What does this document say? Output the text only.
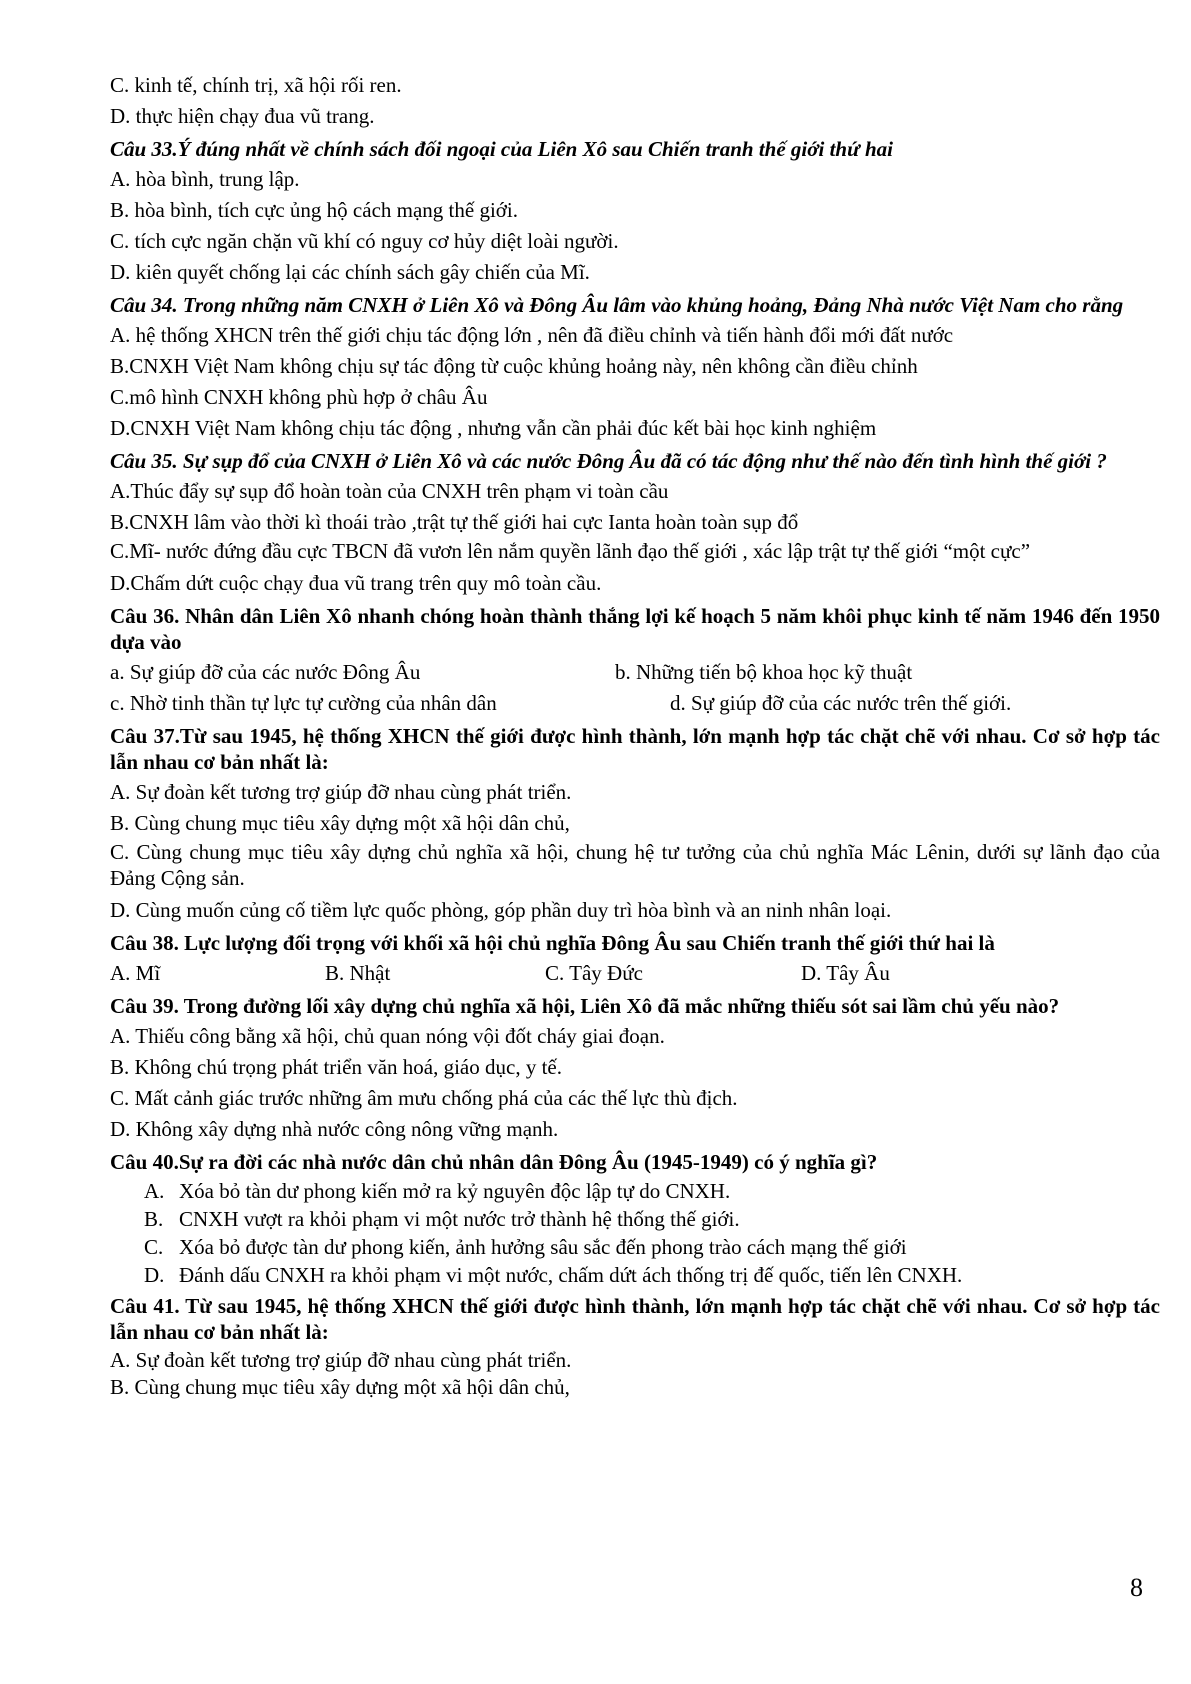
C. kinh tế, chính trị, xã hội rối ren.
D. thực hiện chạy đua vũ trang.
Câu 33.Ý đúng nhất về chính sách đối ngoại của Liên Xô sau Chiến tranh thế giới thứ hai
A. hòa bình, trung lập.
B. hòa bình, tích cực ủng hộ cách mạng thế giới.
C. tích cực ngăn chặn vũ khí có nguy cơ hủy diệt loài người.
D. kiên quyết chống lại các chính sách gây chiến của Mĩ.
Câu 34. Trong những năm CNXH ở Liên Xô và Đông Âu lâm vào khủng hoảng, Đảng Nhà nước Việt Nam cho rằng
A. hệ thống XHCN trên thế giới chịu tác động lớn , nên đã điều chỉnh và tiến hành đổi mới đất nước
B.CNXH Việt Nam không chịu sự tác động từ cuộc khủng hoảng này, nên không cần điều chỉnh
C.mô hình CNXH không phù hợp ở châu Âu
D.CNXH Việt Nam không chịu tác động , nhưng vẫn cần phải đúc kết bài học kinh nghiệm
Câu 35. Sự sụp đổ của CNXH ở Liên Xô và các nước Đông Âu đã có tác động như thế nào đến tình hình thế giới ?
A.Thúc đẩy sự sụp đổ hoàn toàn của CNXH trên phạm vi toàn cầu
B.CNXH lâm vào thời kì thoái trào ,trật tự thế giới hai cực Ianta hoàn toàn sụp đổ
C.Mĩ- nước đứng đầu cực TBCN đã vươn lên nắm quyền lãnh đạo thế giới , xác lập trật tự thế giới “một cực”
D.Chấm dứt cuộc chạy đua vũ trang trên quy mô toàn cầu.
Câu 36. Nhân dân Liên Xô nhanh chóng hoàn thành thắng lợi kế hoạch 5 năm khôi phục kinh tế năm 1946 đến 1950 dựa vào
a. Sự giúp đỡ của các nước Đông Âu	b. Những tiến bộ khoa học kỹ thuật
c. Nhờ tinh thần tự lực tự cường của nhân dân	d. Sự giúp đỡ của các nước trên thế giới.
Câu 37.Từ sau 1945, hệ thống XHCN thế giới được hình thành, lớn mạnh hợp tác chặt chẽ với nhau. Cơ sở hợp tác lẫn nhau cơ bản nhất là:
A. Sự đoàn kết tương trợ giúp đỡ nhau cùng phát triển.
B. Cùng chung mục tiêu xây dựng một xã hội dân chủ,
C. Cùng chung mục tiêu xây dựng chủ nghĩa xã hội, chung hệ tư tưởng của chủ nghĩa Mác Lênin, dưới sự lãnh đạo của Đảng Cộng sản.
D. Cùng muốn củng cố tiềm lực quốc phòng, góp phần duy trì hòa bình và an ninh nhân loại.
Câu 38. Lực lượng đối trọng với khối xã hội chủ nghĩa Đông Âu sau Chiến tranh thế giới thứ hai là
A. Mĩ	B. Nhật	C. Tây Đức	D. Tây Âu
Câu 39. Trong đường lối xây dựng chủ nghĩa xã hội, Liên Xô đã mắc những thiếu sót sai lầm chủ yếu nào?
A. Thiếu công bằng xã hội, chủ quan nóng vội đốt cháy giai đoạn.
B. Không chú trọng phát triển văn hoá, giáo dục, y tế.
C. Mất cảnh giác trước những âm mưu chống phá của các thế lực thù địch.
D. Không xây dựng nhà nước công nông vững mạnh.
Câu 40.Sự ra đời các nhà nước dân chủ nhân dân Đông Âu (1945-1949) có ý nghĩa gì?
A. Xóa bỏ tàn dư phong kiến mở ra kỷ nguyên độc lập tự do CNXH.
B. CNXH vượt ra khỏi phạm vi một nước trở thành hệ thống thế giới.
C. Xóa bỏ được tàn dư phong kiến, ảnh hưởng sâu sắc đến phong trào cách mạng thế giới
D. Đánh dấu CNXH ra khỏi phạm vi một nước, chấm dứt ách thống trị đế quốc, tiến lên CNXH.
Câu 41. Từ sau 1945, hệ thống XHCN thế giới được hình thành, lớn mạnh hợp tác chặt chẽ với nhau. Cơ sở hợp tác lẫn nhau cơ bản nhất là:
A. Sự đoàn kết tương trợ giúp đỡ nhau cùng phát triển.
B. Cùng chung mục tiêu xây dựng một xã hội dân chủ,
8
